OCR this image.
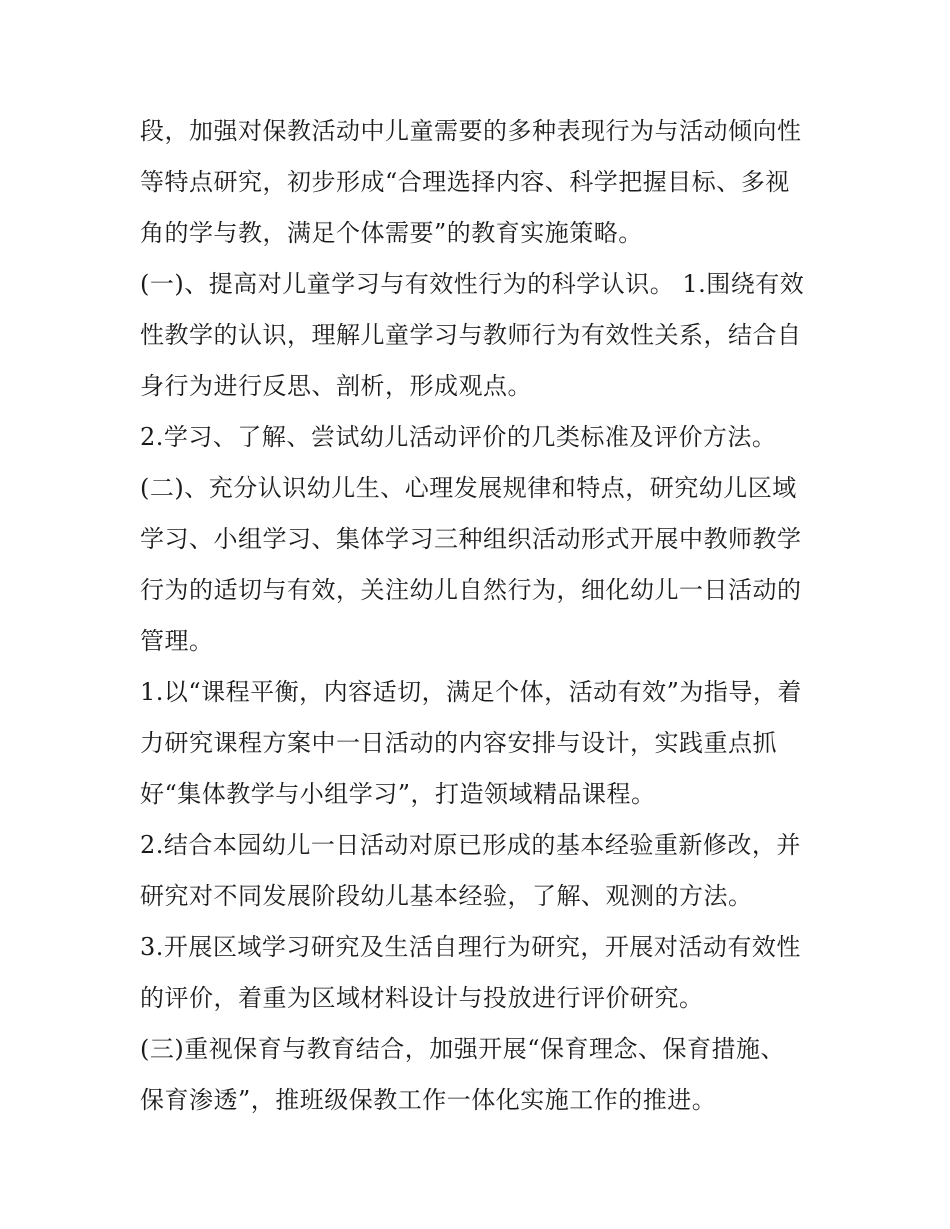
段，加强对保教活动中儿童需要的多种表现行为与活动倾向性
等特点研究，初步形成“合理选择内容、科学把握目标、多视
角的学与教，满足个体需要”的教育实施策略。

(一)、提高对儿童学习与有效性行为的科学认识。 1.围绕有效
性教学的认识，理解儿童学习与教师行为有效性关系，结合自
身行为进行反思、剖析，形成观点。

2.学习、了解、尝试幼儿活动评价的几类标准及评价方法。

(二)、充分认识幼儿生、心理发展规律和特点，研究幼儿区域
学习、小组学习、集体学习三种组织活动形式开展中教师教学
行为的适切与有效，关注幼儿自然行为，细化幼儿一日活动的
管理。

1.以“课程平衡，内容适切，满足个体，活动有效”为指导，着
力研究课程方案中一日活动的内容安排与设计，实践重点抓
好“集体教学与小组学习”，打造领域精品课程。

2.结合本园幼儿一日活动对原已形成的基本经验重新修改，并
研究对不同发展阶段幼儿基本经验，了解、观测的方法。

3.开展区域学习研究及生活自理行为研究，开展对活动有效性
的评价，着重为区域材料设计与投放进行评价研究。

(三)重视保育与教育结合，加强开展“保育理念、保育措施、
保育渗透”，推班级保教工作一体化实施工作的推进。
